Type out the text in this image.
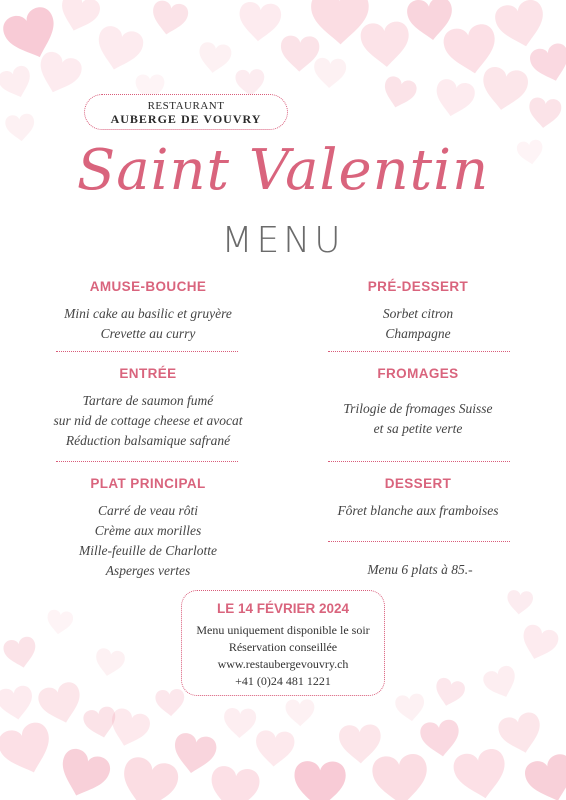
RESTAURANT
AUBERGE DE VOUVRY
Saint Valentin
MENU
AMUSE-BOUCHE
Mini cake au basilic et gruyère
Crevette au curry
ENTRÉE
Tartare de saumon fumé
sur nid de cottage cheese et avocat
Réduction balsamique safrané
PLAT PRINCIPAL
Carré de veau rôti
Crème aux morilles
Mille-feuille de Charlotte
Asperges vertes
PRÉ-DESSERT
Sorbet citron
Champagne
FROMAGES
Trilogie de fromages Suisse
et sa petite verte
DESSERT
Fôret blanche aux framboises
Menu 6 plats à 85.-
LE 14 FÉVRIER 2024
Menu uniquement disponible le soir
Réservation conseillée
www.restaubergevouvry.ch
+41 (0)24 481 1221
